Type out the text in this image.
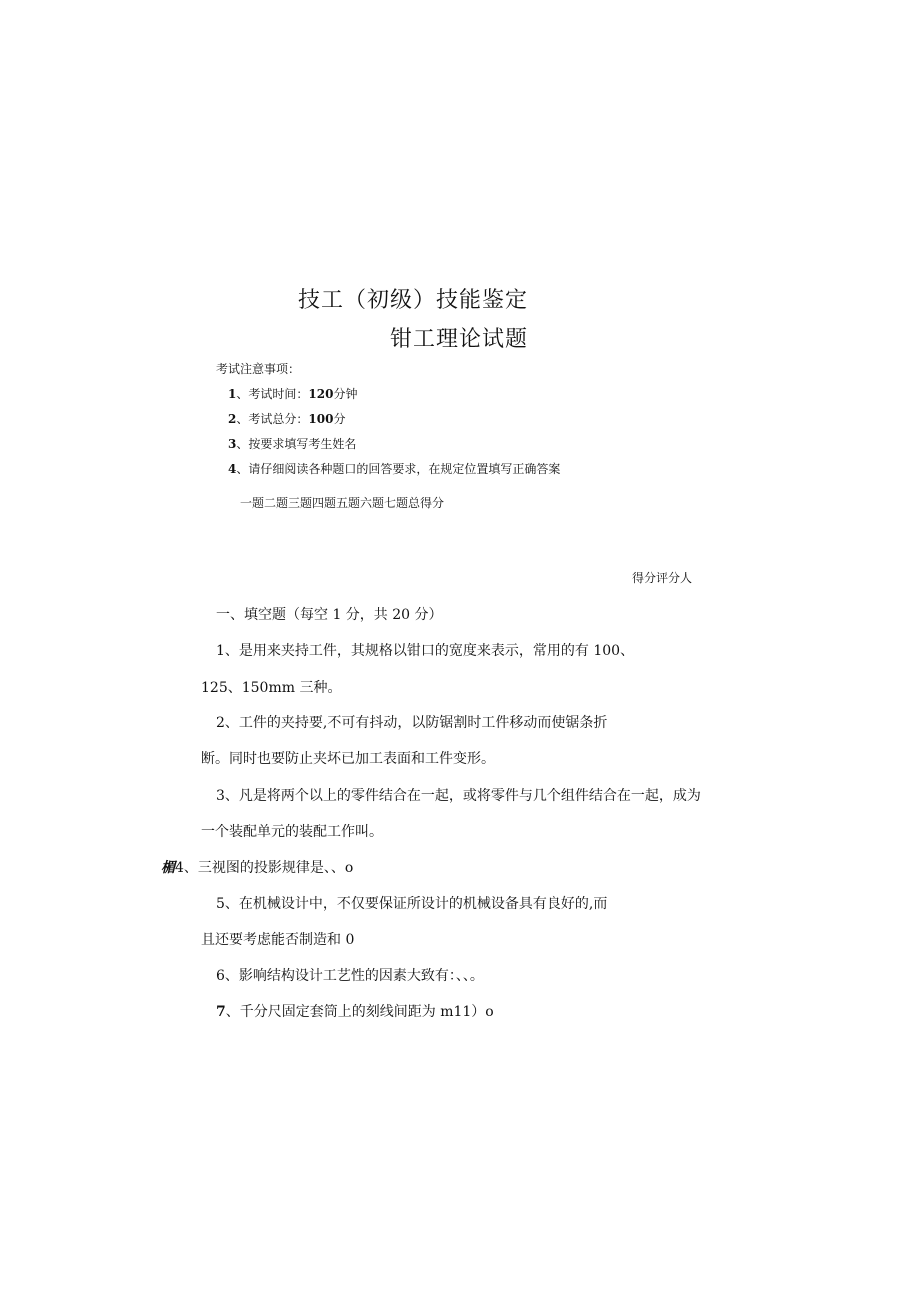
技工（初级）技能鉴定
钳工理论试题
考试注意事项：
1、考试时间：120分钟
2、考试总分：100分
3、按要求填写考生姓名
4、请仔细阅读各种题口的回答要求，在规定位置填写正确答案
一题二题三题四题五题六题七题总得分
得分评分人
一、填空题（每空 1 分，共 20 分）
1、是用来夹持工件，其规格以钳口的宽度来表示，常用的有 100、
125、150mm 三种。
2、工件的夹持要,不可有抖动，以防锯割时工件移动而使锯条折
断。同时也要防止夹坏已加工表面和工件变形。
3、凡是将两个以上的零件结合在一起，或将零件与几个组件结合在一起，成为
一个装配单元的装配工作叫。
楣4、三视图的投影规律是、、o
5、在机械设计中，不仅要保证所设计的机械设备具有良好的,而
且还要考虑能否制造和 0
6、影响结构设计工艺性的因素大致有：、、。
7、千分尺固定套筒上的刻线间距为 m11）o
